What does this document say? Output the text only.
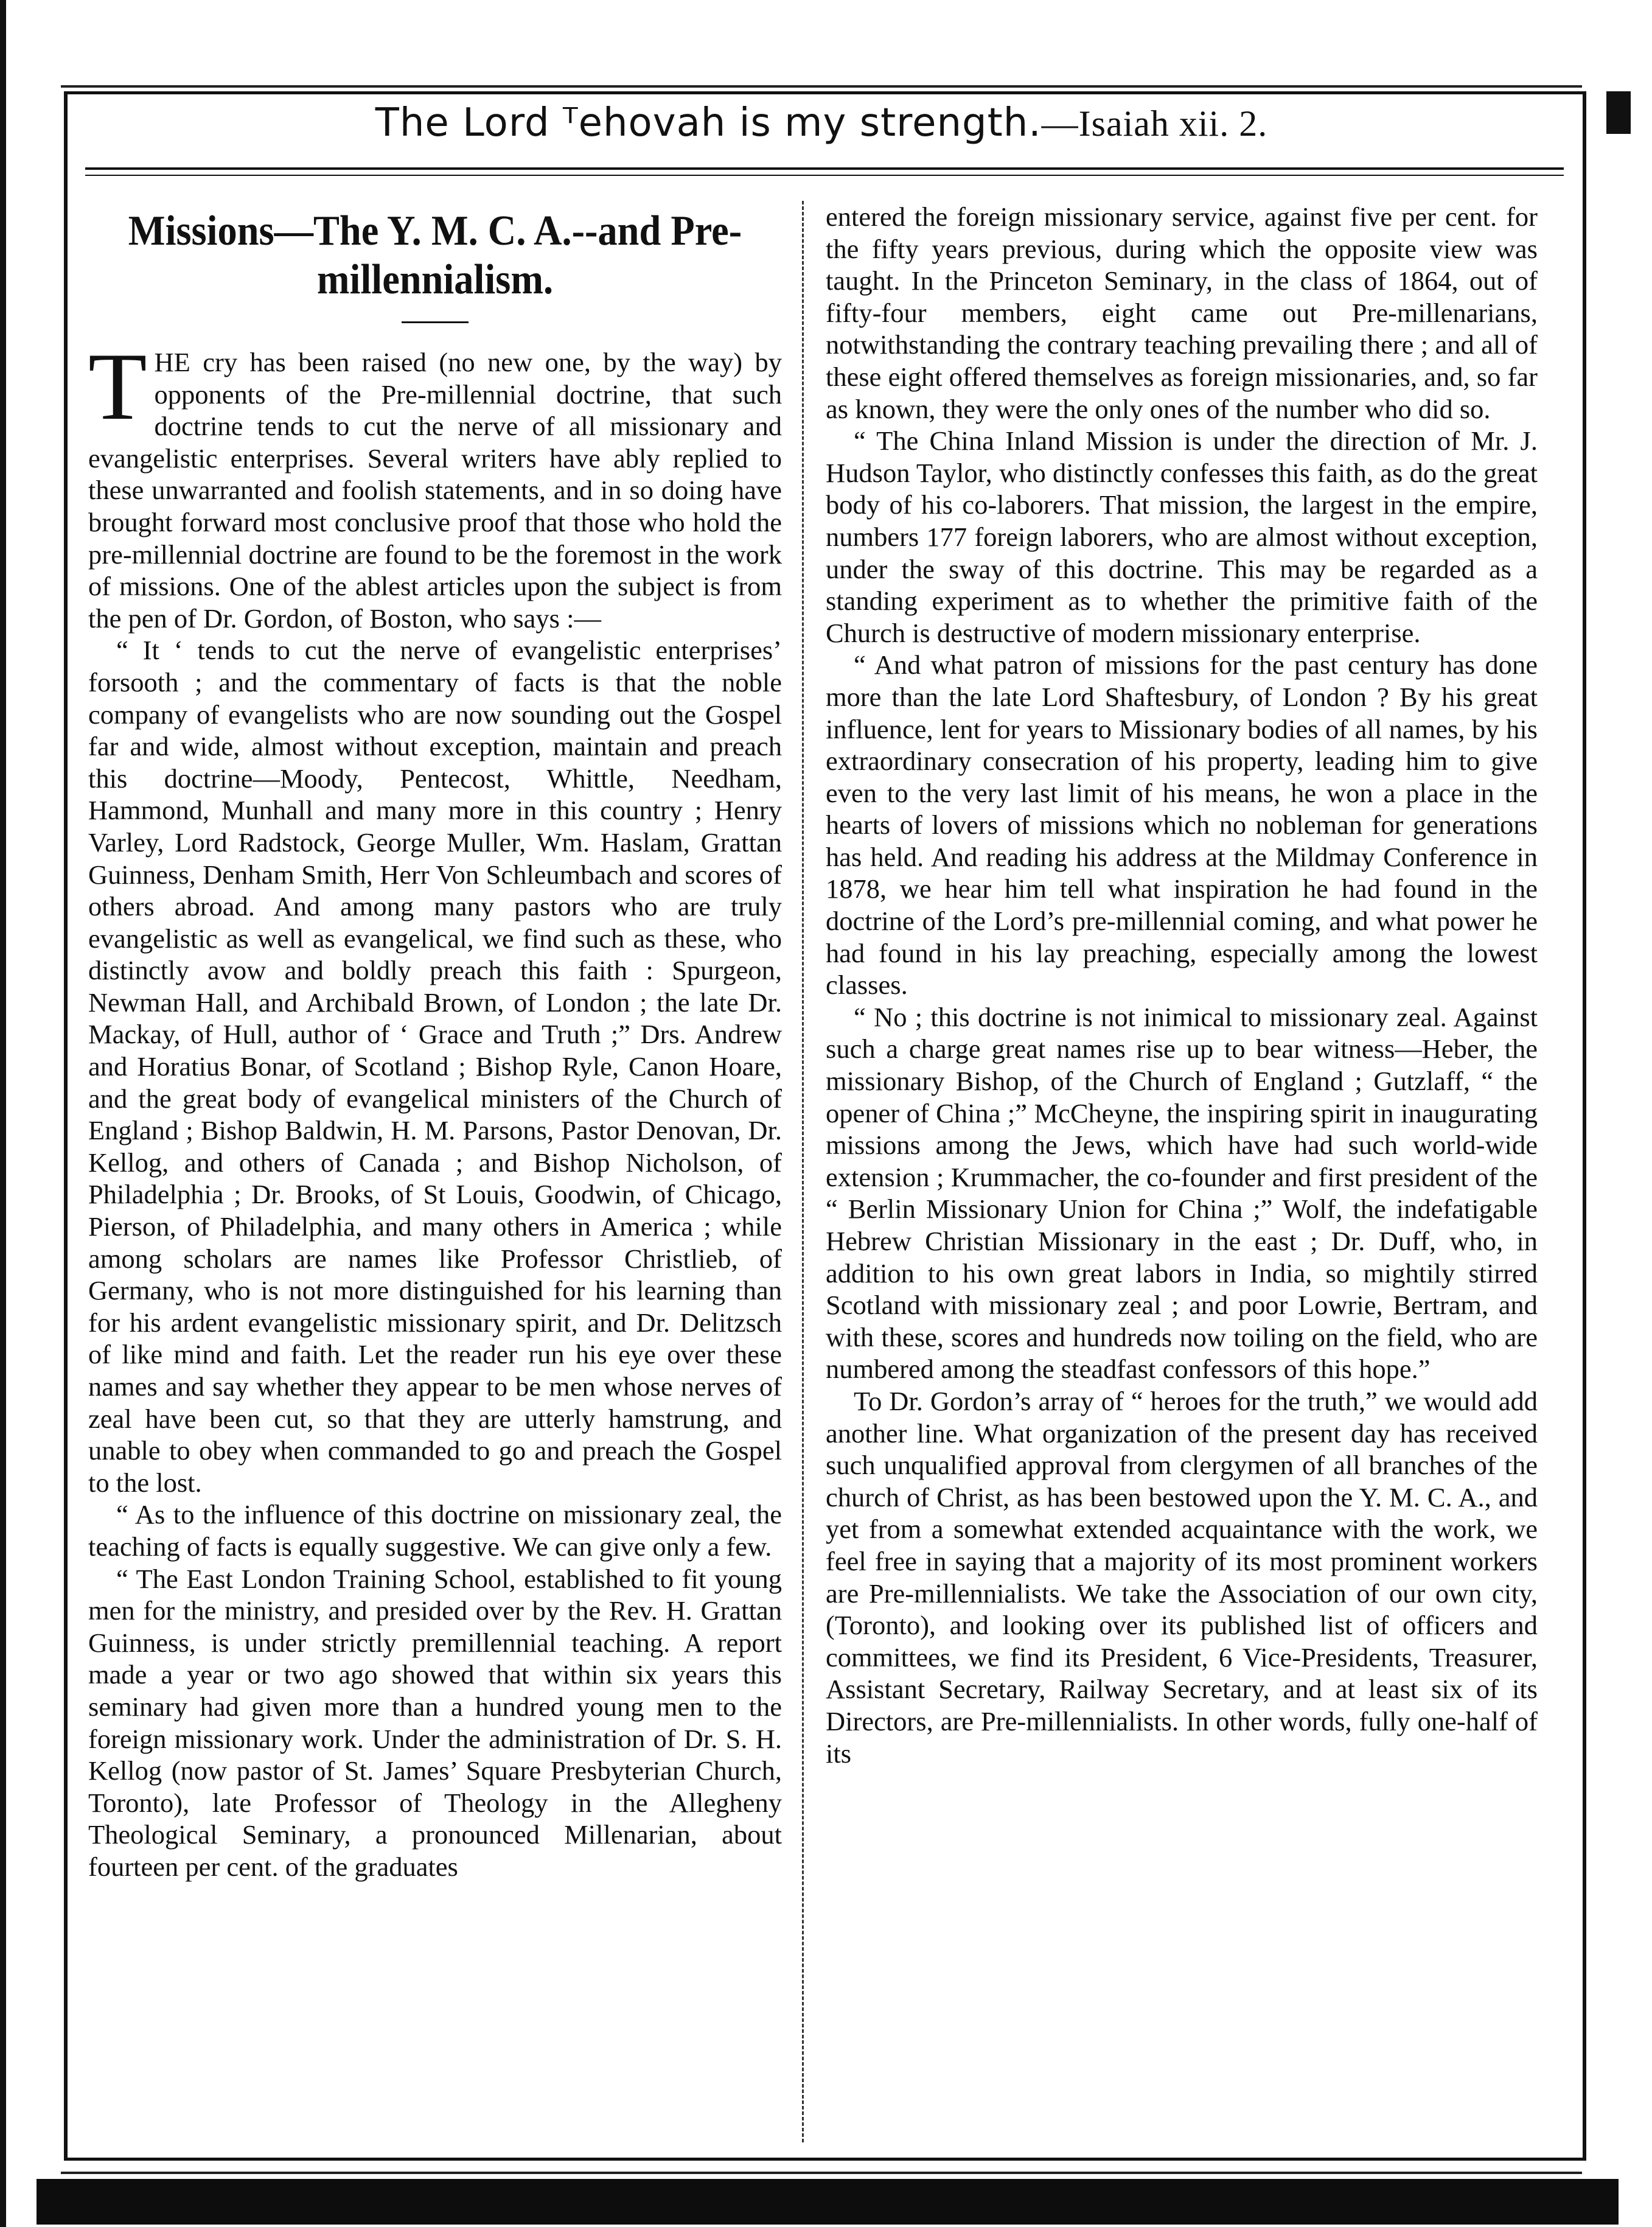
The Lord ᵀehovah is my strength.—Isaiah xii. 2.
Missions—The Y. M. C. A.--and Pre-millennialism.

THE cry has been raised (no new one, by the way) by opponents of the Pre-millennial doctrine, that such doctrine tends to cut the nerve of all missionary and evangelistic enterprises. Several writers have ably replied to these unwarranted and foolish statements, and in so doing have brought forward most conclusive proof that those who hold the pre-millennial doctrine are found to be the foremost in the work of missions. One of the ablest articles upon the subject is from the pen of Dr. Gordon, of Boston, who says :—

“ It ‘ tends to cut the nerve of evangelistic enterprises’ forsooth ; and the commentary of facts is that the noble company of evangelists who are now sounding out the Gospel far and wide, almost without exception, maintain and preach this doctrine—Moody, Pentecost, Whittle, Needham, Hammond, Munhall and many more in this country ; Henry Varley, Lord Radstock, George Muller, Wm. Haslam, Grattan Guinness, Denham Smith, Herr Von Schleumbach and scores of others abroad. And among many pastors who are truly evangelistic as well as evangelical, we find such as these, who distinctly avow and boldly preach this faith : Spurgeon, Newman Hall, and Archibald Brown, of London ; the late Dr. Mackay, of Hull, author of ‘ Grace and Truth ;” Drs. Andrew and Horatius Bonar, of Scotland ; Bishop Ryle, Canon Hoare, and the great body of evangelical ministers of the Church of England ; Bishop Baldwin, H. M. Parsons, Pastor Denovan, Dr. Kellog, and others of Canada ; and Bishop Nicholson, of Philadelphia ; Dr. Brooks, of St Louis, Goodwin, of Chicago, Pierson, of Philadelphia, and many others in America ; while among scholars are names like Professor Christlieb, of Germany, who is not more distinguished for his learning than for his ardent evangelistic missionary spirit, and Dr. Delitzsch of like mind and faith. Let the reader run his eye over these names and say whether they appear to be men whose nerves of zeal have been cut, so that they are utterly hamstrung, and unable to obey when commanded to go and preach the Gospel to the lost.

“ As to the influence of this doctrine on missionary zeal, the teaching of facts is equally suggestive. We can give only a few.

“ The East London Training School, established to fit young men for the ministry, and presided over by the Rev. H. Grattan Guinness, is under strictly premillennial teaching. A report made a year or two ago showed that within six years this seminary had given more than a hundred young men to the foreign missionary work. Under the administration of Dr. S. H. Kellog (now pastor of St. James’ Square Presbyterian Church, Toronto), late Professor of Theology in the Allegheny Theological Seminary, a pronounced Millenarian, about fourteen per cent. of the graduates

entered the foreign missionary service, against five per cent. for the fifty years previous, during which the opposite view was taught. In the Princeton Seminary, in the class of 1864, out of fifty-four members, eight came out Pre-millenarians, notwithstanding the contrary teaching prevailing there ; and all of these eight offered themselves as foreign missionaries, and, so far as known, they were the only ones of the number who did so.

“ The China Inland Mission is under the direction of Mr. J. Hudson Taylor, who distinctly confesses this faith, as do the great body of his co-laborers. That mission, the largest in the empire, numbers 177 foreign laborers, who are almost without exception, under the sway of this doctrine. This may be regarded as a standing experiment as to whether the primitive faith of the Church is destructive of modern missionary enterprise.

“ And what patron of missions for the past century has done more than the late Lord Shaftesbury, of London ? By his great influence, lent for years to Missionary bodies of all names, by his extraordinary consecration of his property, leading him to give even to the very last limit of his means, he won a place in the hearts of lovers of missions which no nobleman for generations has held. And reading his address at the Mildmay Conference in 1878, we hear him tell what inspiration he had found in the doctrine of the Lord’s pre-millennial coming, and what power he had found in his lay preaching, especially among the lowest classes.

“ No ; this doctrine is not inimical to missionary zeal. Against such a charge great names rise up to bear witness—Heber, the missionary Bishop, of the Church of England ; Gutzlaff, “ the opener of China ;” McCheyne, the inspiring spirit in inaugurating missions among the Jews, which have had such world-wide extension ; Krummacher, the co-founder and first president of the “ Berlin Missionary Union for China ;” Wolf, the indefatigable Hebrew Christian Missionary in the east ; Dr. Duff, who, in addition to his own great labors in India, so mightily stirred Scotland with missionary zeal ; and poor Lowrie, Bertram, and with these, scores and hundreds now toiling on the field, who are numbered among the steadfast confessors of this hope.”

To Dr. Gordon’s array of “ heroes for the truth,” we would add another line. What organization of the present day has received such unqualified approval from clergymen of all branches of the church of Christ, as has been bestowed upon the Y. M. C. A., and yet from a somewhat extended acquaintance with the work, we feel free in saying that a majority of its most prominent workers are Pre-millennialists. We take the Association of our own city, (Toronto), and looking over its published list of officers and committees, we find its President, 6 Vice-Presidents, Treasurer, Assistant Secretary, Railway Secretary, and at least six of its Directors, are Pre-millennialists. In other words, fully one-half of its
